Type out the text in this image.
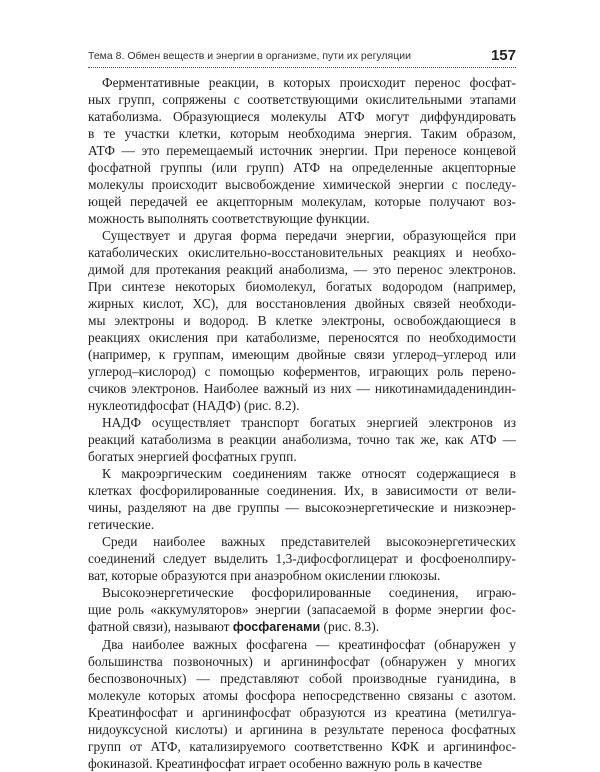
Тема 8. Обмен веществ и энергии в организме, пути их регуляции	157
Ферментативные реакции, в которых происходит перенос фосфат-
ных групп, сопряжены с соответствующими окислительными этапами
катаболизма. Образующиеся молекулы АТФ могут диффундировать
в те участки клетки, которым необходима энергия. Таким образом,
АТФ — это перемещаемый источник энергии. При переносе концевой
фосфатной группы (или групп) АТФ на определенные акцепторные
молекулы происходит высвобождение химической энергии с последу-
ющей передачей ее акцепторным молекулам, которые получают воз-
можность выполнять соответствующие функции.
Существует и другая форма передачи энергии, образующейся при
катаболических окислительно-восстановительных реакциях и необхо-
димой для протекания реакций анаболизма, — это перенос электронов.
При синтезе некоторых биомолекул, богатых водородом (например,
жирных кислот, ХС), для восстановления двойных связей необходи-
мы электроны и водород. В клетке электроны, освобождающиеся в
реакциях окисления при катаболизме, переносятся по необходимости
(например, к группам, имеющим двойные связи углерод–углерод или
углерод–кислород) с помощью коферментов, играющих роль перено-
счиков электронов. Наиболее важный из них — никотинамидадениндин-
нуклеотидфосфат (НАДФ) (рис. 8.2).
НАДФ осуществляет транспорт богатых энергией электронов из
реакций катаболизма в реакции анаболизма, точно так же, как АТФ —
богатых энергией фосфатных групп.
К макроэргическим соединениям также относят содержащиеся в
клетках фосфорилированные соединения. Их, в зависимости от вели-
чины, разделяют на две группы — высокоэнергетические и низкоэнер-
гетические.
Среди наиболее важных представителей высокоэнергетических
соединений следует выделить 1,3-дифосфоглицерат и фосфоенолпиру-
ват, которые образуются при анаэробном окислении глюкозы.
Высокоэнергетические фосфорилированные соединения, играю-
щие роль «аккумуляторов» энергии (запасаемой в форме энергии фос-
фатной связи), называют фосфагенами (рис. 8.3).
Два наиболее важных фосфагена — креатинфосфат (обнаружен у
большинства позвоночных) и аргининфосфат (обнаружен у многих
беспозвоночных) — представляют собой производные гуанидина, в
молекуле которых атомы фосфора непосредственно связаны с азотом.
Креатинфосфат и аргининфосфат образуются из креатина (метилгуа-
нидоуксусной кислоты) и аргинина в результате переноса фосфатных
групп от АТФ, катализируемого соответственно КФК и аргининфос-
фокиназой. Креатинфосфат играет особенно важную роль в качестве
